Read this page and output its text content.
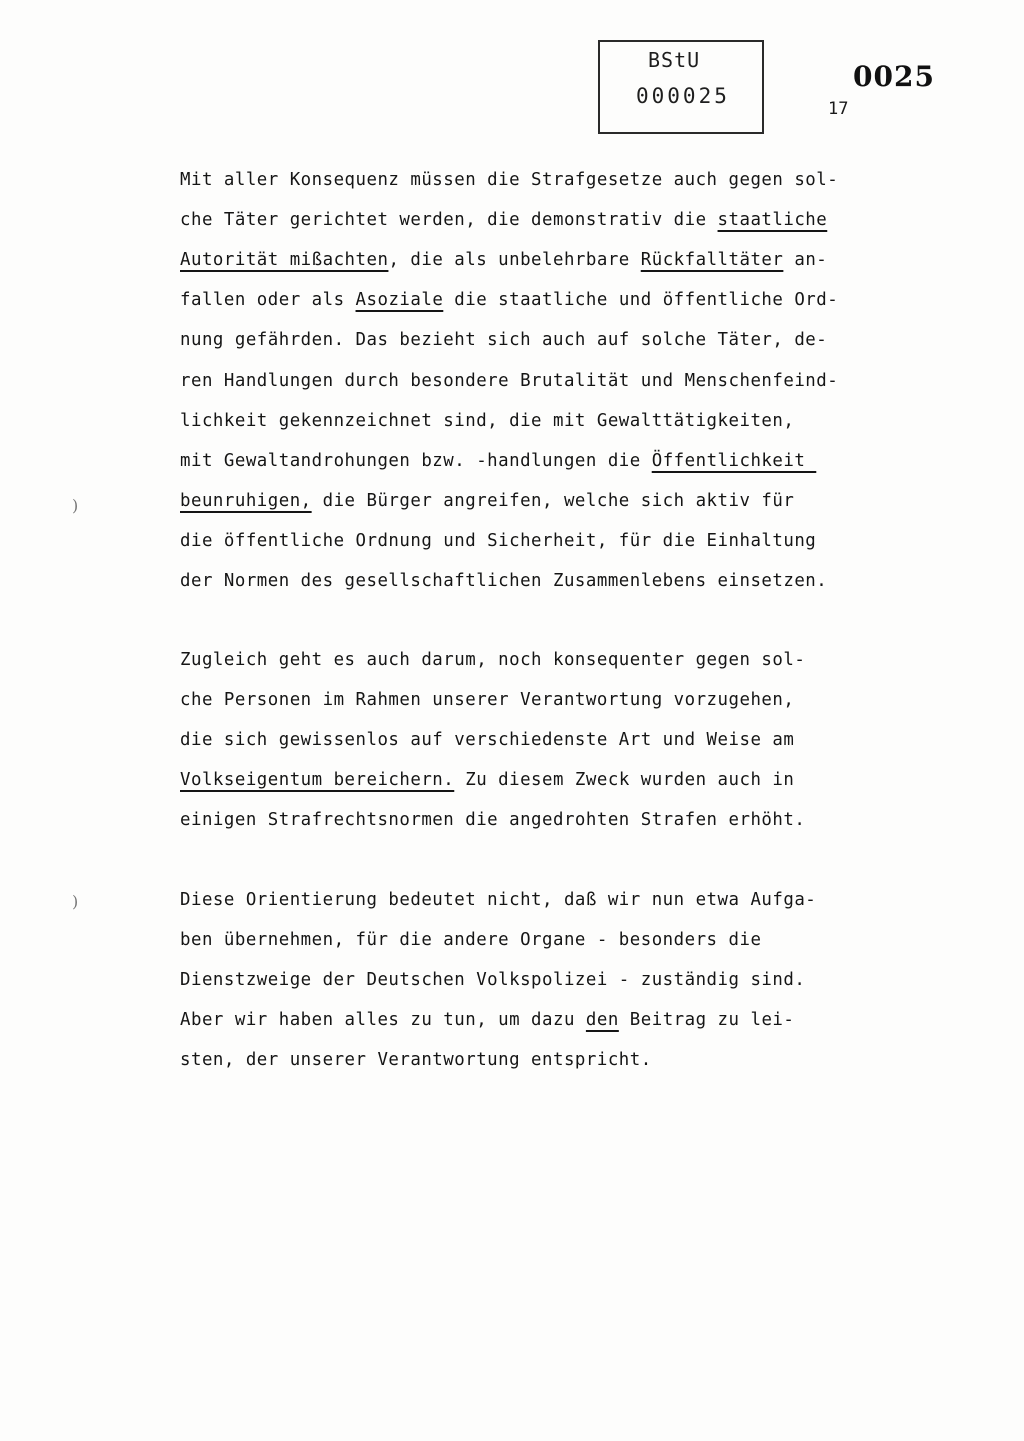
BStU
000025
0025
17
)
)
Mit aller Konsequenz müssen die Strafgesetze auch gegen sol-
che Täter gerichtet werden, die demonstrativ die staatliche
Autorität mißachten, die als unbelehrbare Rückfalltäter an-
fallen oder als Asoziale die staatliche und öffentliche Ord-
nung gefährden. Das bezieht sich auch auf solche Täter, de-
ren Handlungen durch besondere Brutalität und Menschenfeind-
lichkeit gekennzeichnet sind, die mit Gewalttätigkeiten,
mit Gewaltandrohungen bzw. -handlungen die Öffentlichkeit
beunruhigen, die Bürger angreifen, welche sich aktiv für
die öffentliche Ordnung und Sicherheit, für die Einhaltung
der Normen des gesellschaftlichen Zusammenlebens einsetzen.
Zugleich geht es auch darum, noch konsequenter gegen sol-
che Personen im Rahmen unserer Verantwortung vorzugehen,
die sich gewissenlos auf verschiedenste Art und Weise am
Volkseigentum bereichern. Zu diesem Zweck wurden auch in
einigen Strafrechtsnormen die angedrohten Strafen erhöht.
Diese Orientierung bedeutet nicht, daß wir nun etwa Aufga-
ben übernehmen, für die andere Organe - besonders die
Dienstzweige der Deutschen Volkspolizei - zuständig sind.
Aber wir haben alles zu tun, um dazu den Beitrag zu lei-
sten, der unserer Verantwortung entspricht.
